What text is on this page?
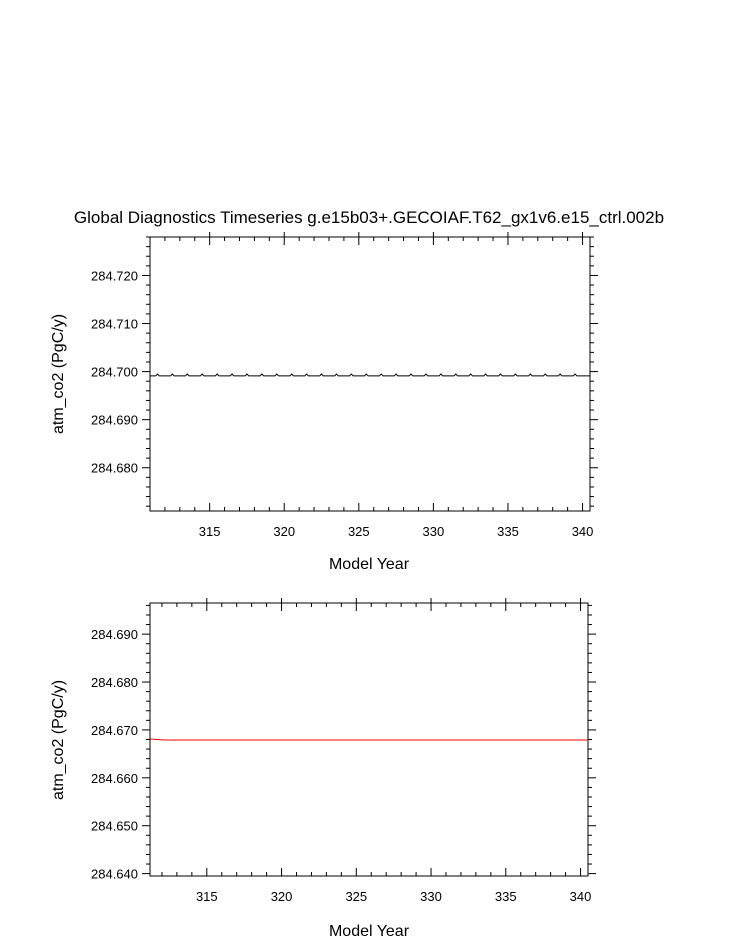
Global Diagnostics Timeseries g.e15b03+.GECOIAF.T62_gx1v6.e15_ctrl.002b
284.680
284.690
284.700
284.710
284.720
315	320	325	330	335	340
Model Year
atm_co2 (PgC/y)
284.640
284.650
284.660
284.670
284.680
284.690
315	320	325	330	335	340
Model Year
atm_co2 (PgC/y)
